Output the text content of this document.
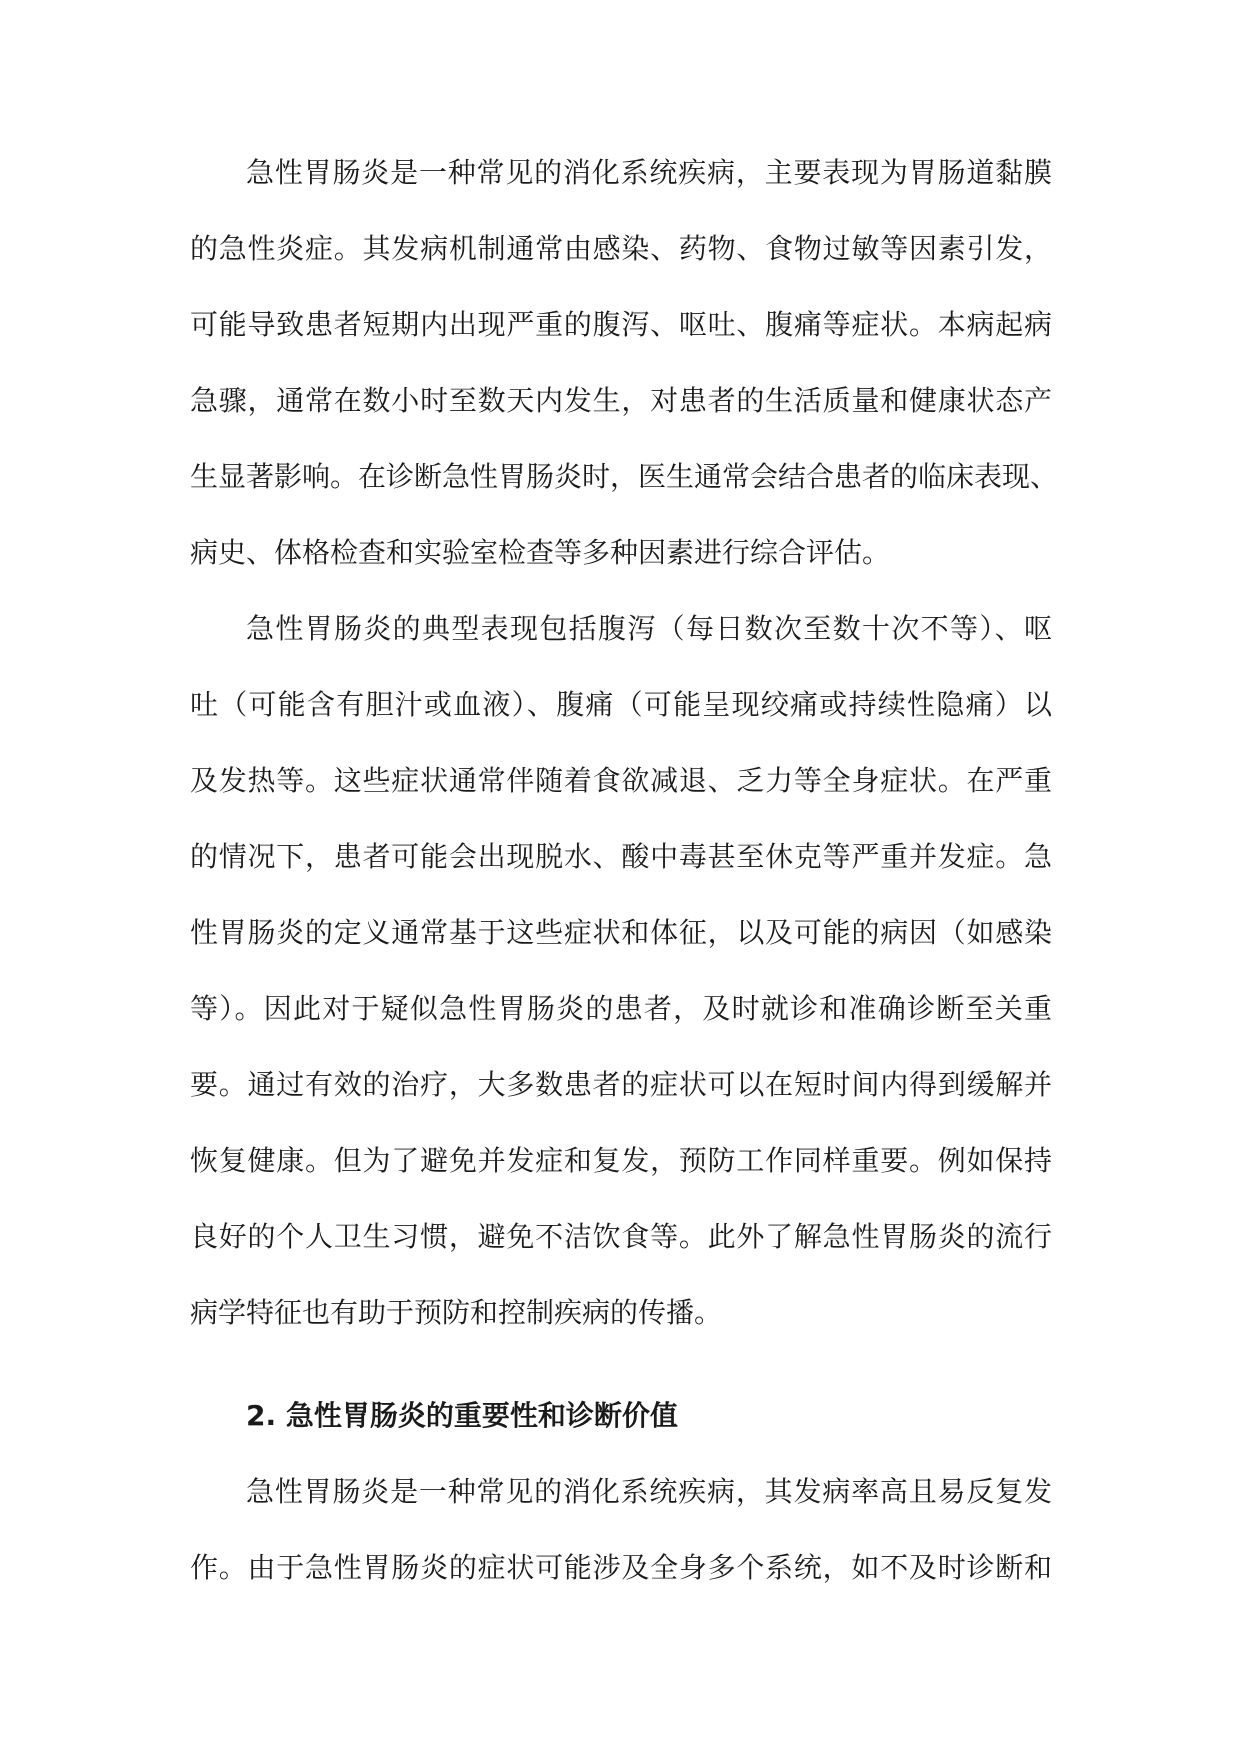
急性胃肠炎是一种常见的消化系统疾病，主要表现为胃肠道黏膜
的急性炎症。其发病机制通常由感染、药物、食物过敏等因素引发，
可能导致患者短期内出现严重的腹泻、呕吐、腹痛等症状。本病起病
急骤，通常在数小时至数天内发生，对患者的生活质量和健康状态产
生显著影响。在诊断急性胃肠炎时，医生通常会结合患者的临床表现、
病史、体格检查和实验室检查等多种因素进行综合评估。
急性胃肠炎的典型表现包括腹泻（每日数次至数十次不等）、呕
吐（可能含有胆汁或血液）、腹痛（可能呈现绞痛或持续性隐痛）以
及发热等。这些症状通常伴随着食欲减退、乏力等全身症状。在严重
的情况下，患者可能会出现脱水、酸中毒甚至休克等严重并发症。急
性胃肠炎的定义通常基于这些症状和体征，以及可能的病因（如感染
等）。因此对于疑似急性胃肠炎的患者，及时就诊和准确诊断至关重
要。通过有效的治疗，大多数患者的症状可以在短时间内得到缓解并
恢复健康。但为了避免并发症和复发，预防工作同样重要。例如保持
良好的个人卫生习惯，避免不洁饮食等。此外了解急性胃肠炎的流行
病学特征也有助于预防和控制疾病的传播。
2. 急性胃肠炎的重要性和诊断价值
急性胃肠炎是一种常见的消化系统疾病，其发病率高且易反复发
作。由于急性胃肠炎的症状可能涉及全身多个系统，如不及时诊断和
